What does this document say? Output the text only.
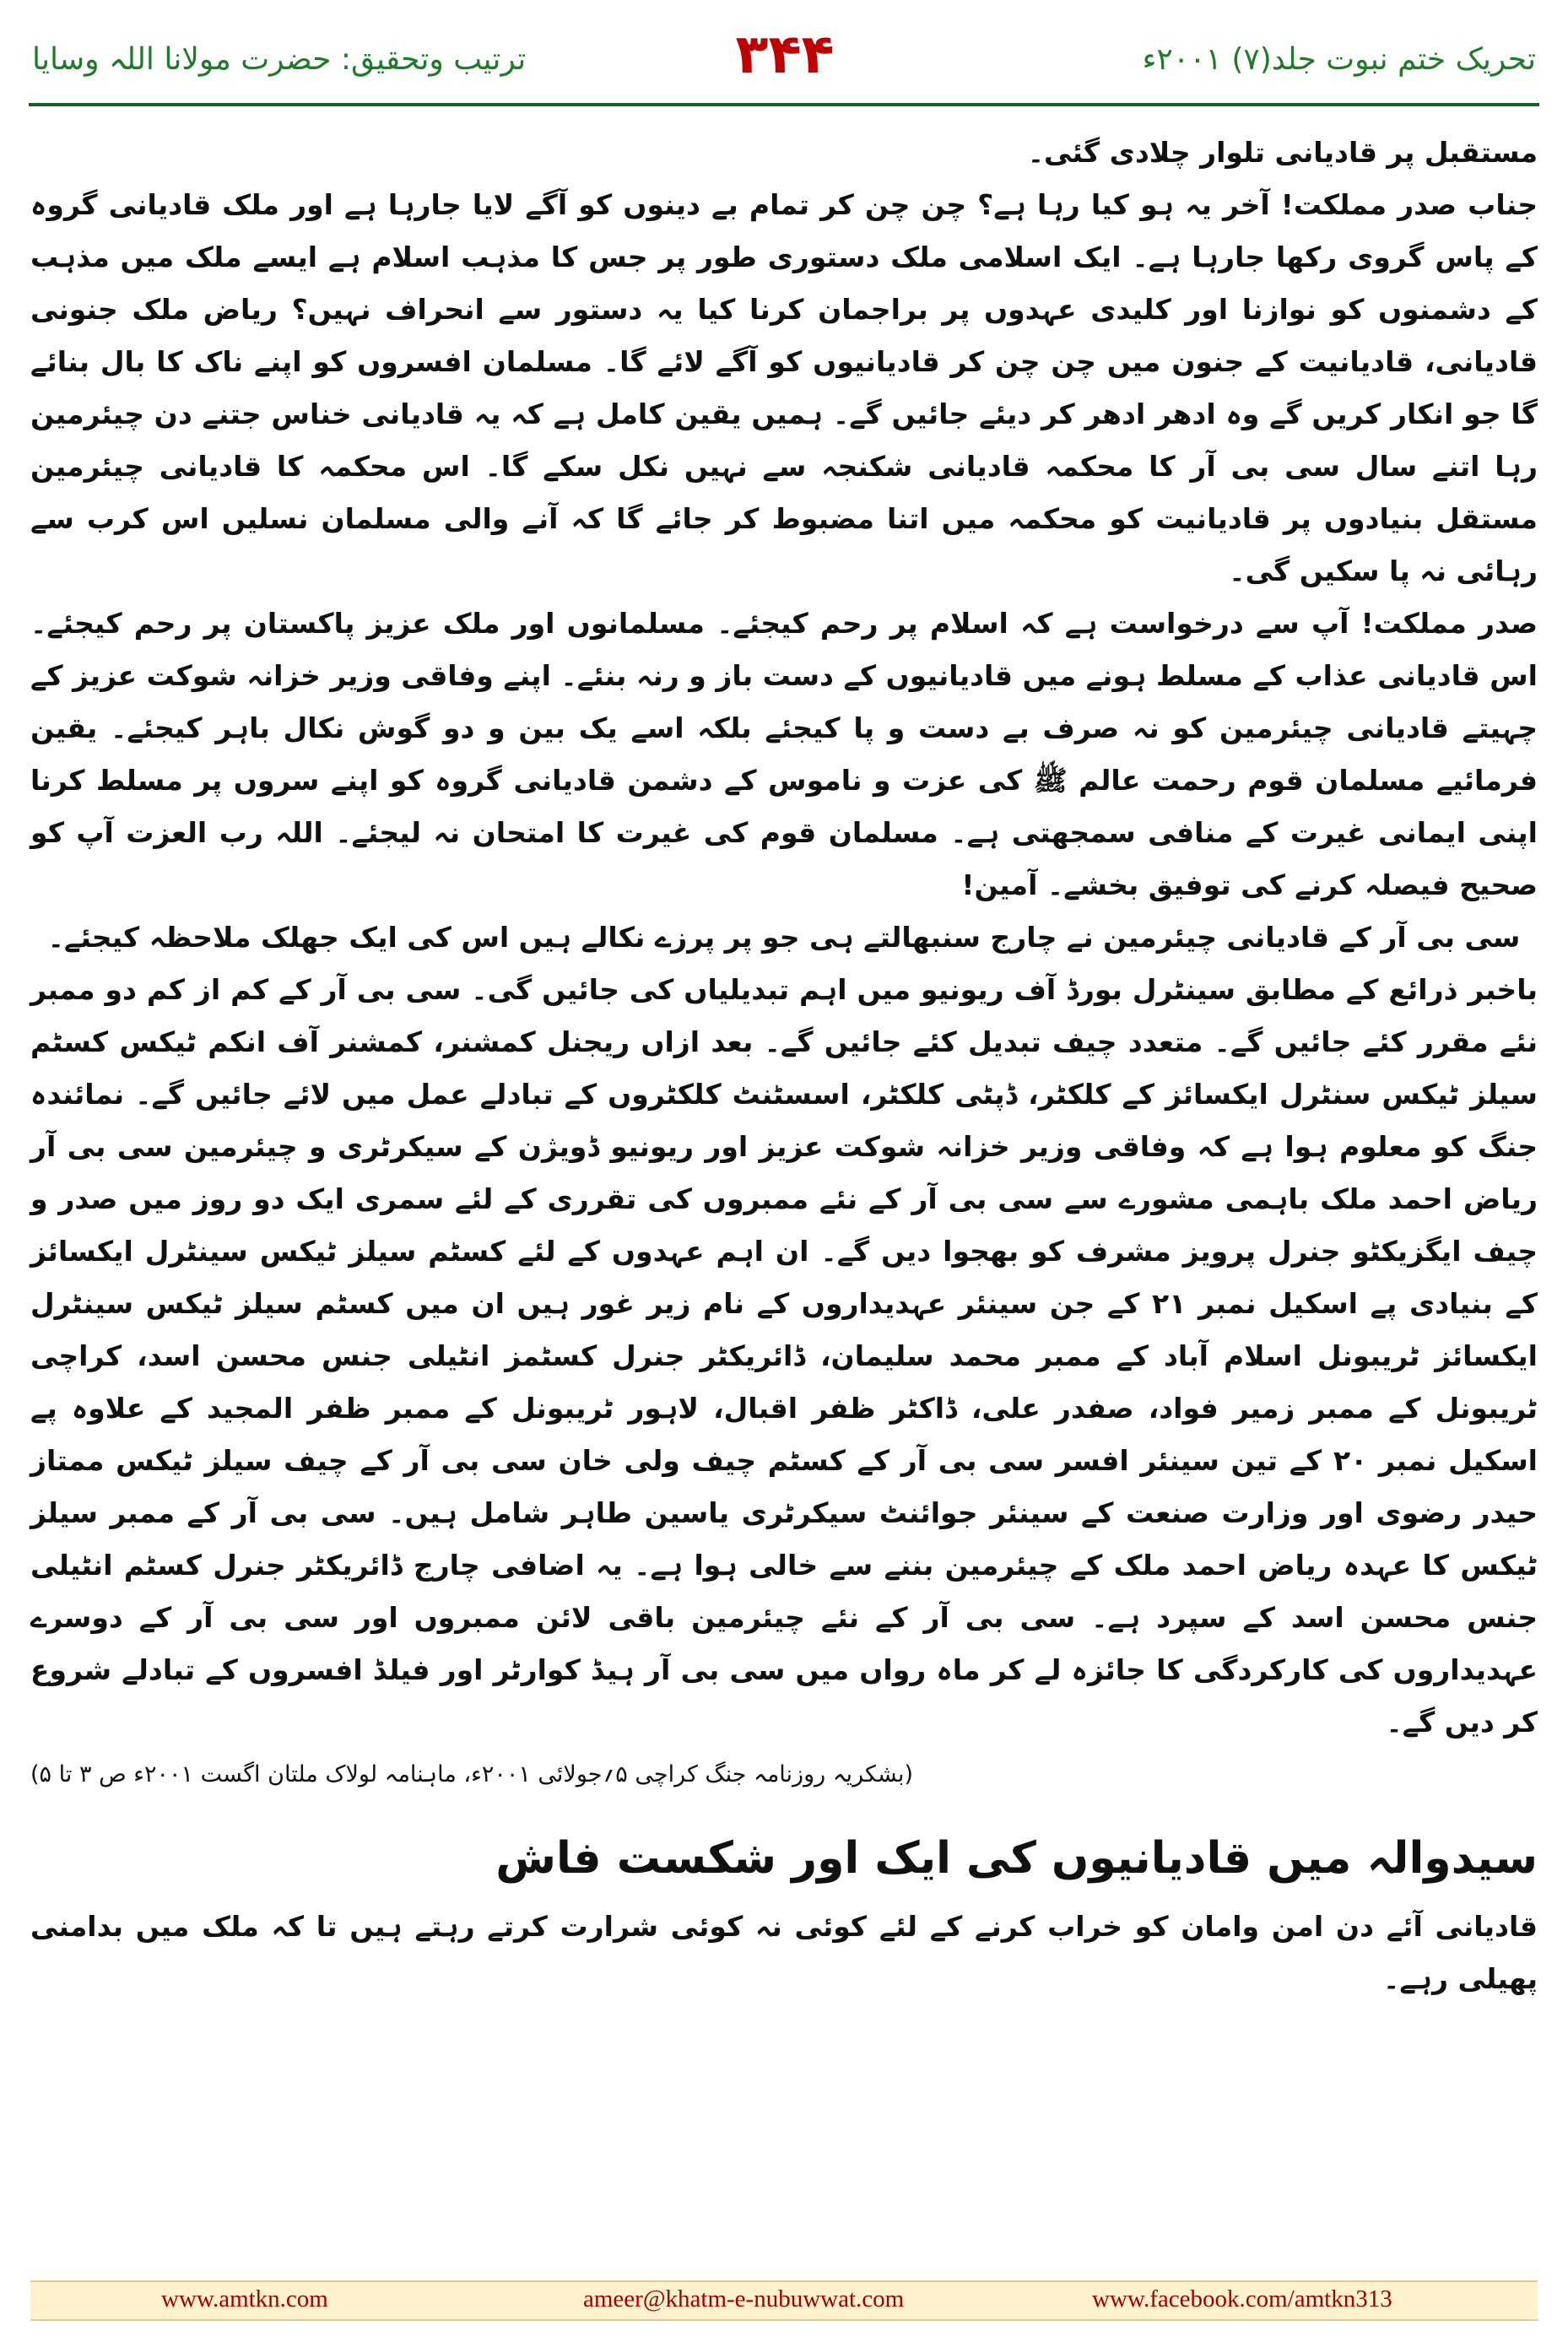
ترتیب وتحقیق: حضرت مولانا اللہ وسایا	۳۴۴	تحریک ختم نبوت جلد(۷) ۲۰۰۱ء

مستقبل پر قادیانی تلوار چلادی گئی۔

جناب صدر مملکت! آخر یہ ہو کیا رہا ہے؟ چن چن کر تمام بے دینوں کو آگے لایا جارہا ہے اور ملک قادیانی گروہ کے پاس گروی رکھا جارہا ہے۔ ایک اسلامی ملک دستوری طور پر جس کا مذہب اسلام ہے ایسے ملک میں مذہب کے دشمنوں کو نوازنا اور کلیدی عہدوں پر براجمان کرنا کیا یہ دستور سے انحراف نہیں؟ ریاض ملک جنونی قادیانی، قادیانیت کے جنون میں چن چن کر قادیانیوں کو آگے لائے گا۔ مسلمان افسروں کو اپنے ناک کا بال بنائے گا جو انکار کریں گے وہ ادھر ادھر کر دیئے جائیں گے۔ ہمیں یقین کامل ہے کہ یہ قادیانی خناس جتنے دن چیئرمین رہا اتنے سال سی بی آر کا محکمہ قادیانی شکنجہ سے نہیں نکل سکے گا۔ اس محکمہ کا قادیانی چیئرمین مستقل بنیادوں پر قادیانیت کو محکمہ میں اتنا مضبوط کر جائے گا کہ آنے والی مسلمان نسلیں اس کرب سے رہائی نہ پا سکیں گی۔

صدر مملکت! آپ سے درخواست ہے کہ اسلام پر رحم کیجئے۔ مسلمانوں اور ملک عزیز پاکستان پر رحم کیجئے۔ اس قادیانی عذاب کے مسلط ہونے میں قادیانیوں کے دست باز و رنہ بنئے۔ اپنے وفاقی وزیر خزانہ شوکت عزیز کے چہیتے قادیانی چیئرمین کو نہ صرف بے دست و پا کیجئے بلکہ اسے یک بین و دو گوش نکال باہر کیجئے۔ یقین فرمائیے مسلمان قوم رحمت عالم ﷺ کی عزت و ناموس کے دشمن قادیانی گروہ کو اپنے سروں پر مسلط کرنا اپنی ایمانی غیرت کے منافی سمجھتی ہے۔ مسلمان قوم کی غیرت کا امتحان نہ لیجئے۔ اللہ رب العزت آپ کو صحیح فیصلہ کرنے کی توفیق بخشے۔ آمین!

سی بی آر کے قادیانی چیئرمین نے چارج سنبھالتے ہی جو پر پرزے نکالے ہیں اس کی ایک جھلک ملاحظہ کیجئے۔

باخبر ذرائع کے مطابق سینٹرل بورڈ آف ریونیو میں اہم تبدیلیاں کی جائیں گی۔ سی بی آر کے کم از کم دو ممبر نئے مقرر کئے جائیں گے۔ متعدد چیف تبدیل کئے جائیں گے۔ بعد ازاں ریجنل کمشنر، کمشنر آف انکم ٹیکس کسٹم سیلز ٹیکس سنٹرل ایکسائز کے کلکٹر، ڈپٹی کلکٹر، اسسٹنٹ کلکٹروں کے تبادلے عمل میں لائے جائیں گے۔ نمائندہ جنگ کو معلوم ہوا ہے کہ وفاقی وزیر خزانہ شوکت عزیز اور ریونیو ڈویژن کے سیکرٹری و چیئرمین سی بی آر ریاض احمد ملک باہمی مشورے سے سی بی آر کے نئے ممبروں کی تقرری کے لئے سمری ایک دو روز میں صدر و چیف ایگزیکٹو جنرل پرویز مشرف کو بھجوا دیں گے۔ ان اہم عہدوں کے لئے کسٹم سیلز ٹیکس سینٹرل ایکسائز کے بنیادی پے اسکیل نمبر ۲۱ کے جن سینئر عہدیداروں کے نام زیر غور ہیں ان میں کسٹم سیلز ٹیکس سینٹرل ایکسائز ٹریبونل اسلام آباد کے ممبر محمد سلیمان، ڈائریکٹر جنرل کسٹمز انٹیلی جنس محسن اسد، کراچی ٹریبونل کے ممبر زمیر فواد، صفدر علی، ڈاکٹر ظفر اقبال، لاہور ٹریبونل کے ممبر ظفر المجید کے علاوہ پے اسکیل نمبر ۲۰ کے تین سینئر افسر سی بی آر کے کسٹم چیف ولی خان سی بی آر کے چیف سیلز ٹیکس ممتاز حیدر رضوی اور وزارت صنعت کے سینئر جوائنٹ سیکرٹری یاسین طاہر شامل ہیں۔ سی بی آر کے ممبر سیلز ٹیکس کا عہدہ ریاض احمد ملک کے چیئرمین بننے سے خالی ہوا ہے۔ یہ اضافی چارج ڈائریکٹر جنرل کسٹم انٹیلی جنس محسن اسد کے سپرد ہے۔ سی بی آر کے نئے چیئرمین باقی لائن ممبروں اور سی بی آر کے دوسرے عہدیداروں کی کارکردگی کا جائزہ لے کر ماہ رواں میں سی بی آر ہیڈ کوارٹر اور فیلڈ افسروں کے تبادلے شروع کر دیں گے۔

(بشکریہ روزنامہ جنگ کراچی ۵؍جولائی ۲۰۰۱ء، ماہنامہ لولاک ملتان اگست ۲۰۰۱ء ص ۳ تا ۵)

سیدوالہ میں قادیانیوں کی ایک اور شکست فاش

قادیانی آئے دن امن وامان کو خراب کرنے کے لئے کوئی نہ کوئی شرارت کرتے رہتے ہیں تا کہ ملک میں بدامنی پھیلی رہے۔

www.amtkn.com	ameer@khatm-e-nubuwwat.com	www.facebook.com/amtkn313
